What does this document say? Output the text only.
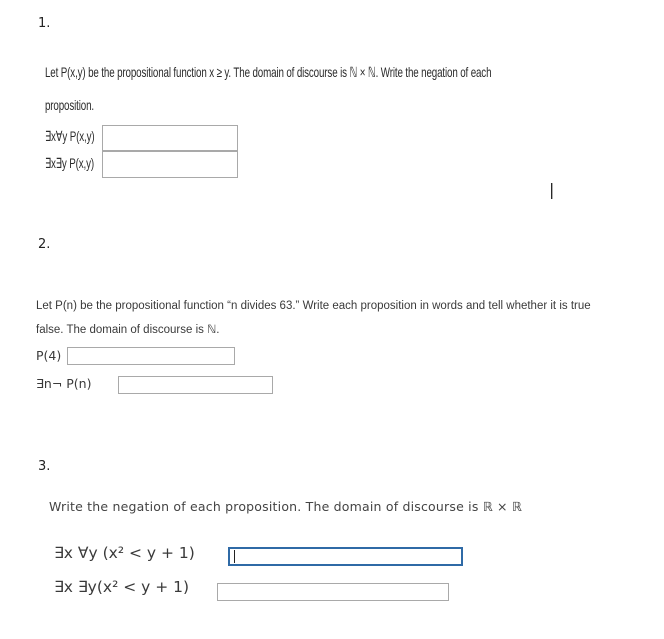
1.
Let P(x,y) be the propositional function x ≥ y. The domain of discourse is ℕ × ℕ. Write the negation of each
proposition.
∃x∀y P(x,y)
∃x∃y P(x,y)
|
2.
Let P(n) be the propositional function “n divides 63.” Write each proposition in words and tell whether it is true
false. The domain of discourse is ℕ.
P(4)
∃n¬ P(n)
3.
Write the negation of each proposition. The domain of discourse is ℝ × ℝ
∃x ∀y (x² < y + 1)
∃x ∃y(x² < y + 1)
